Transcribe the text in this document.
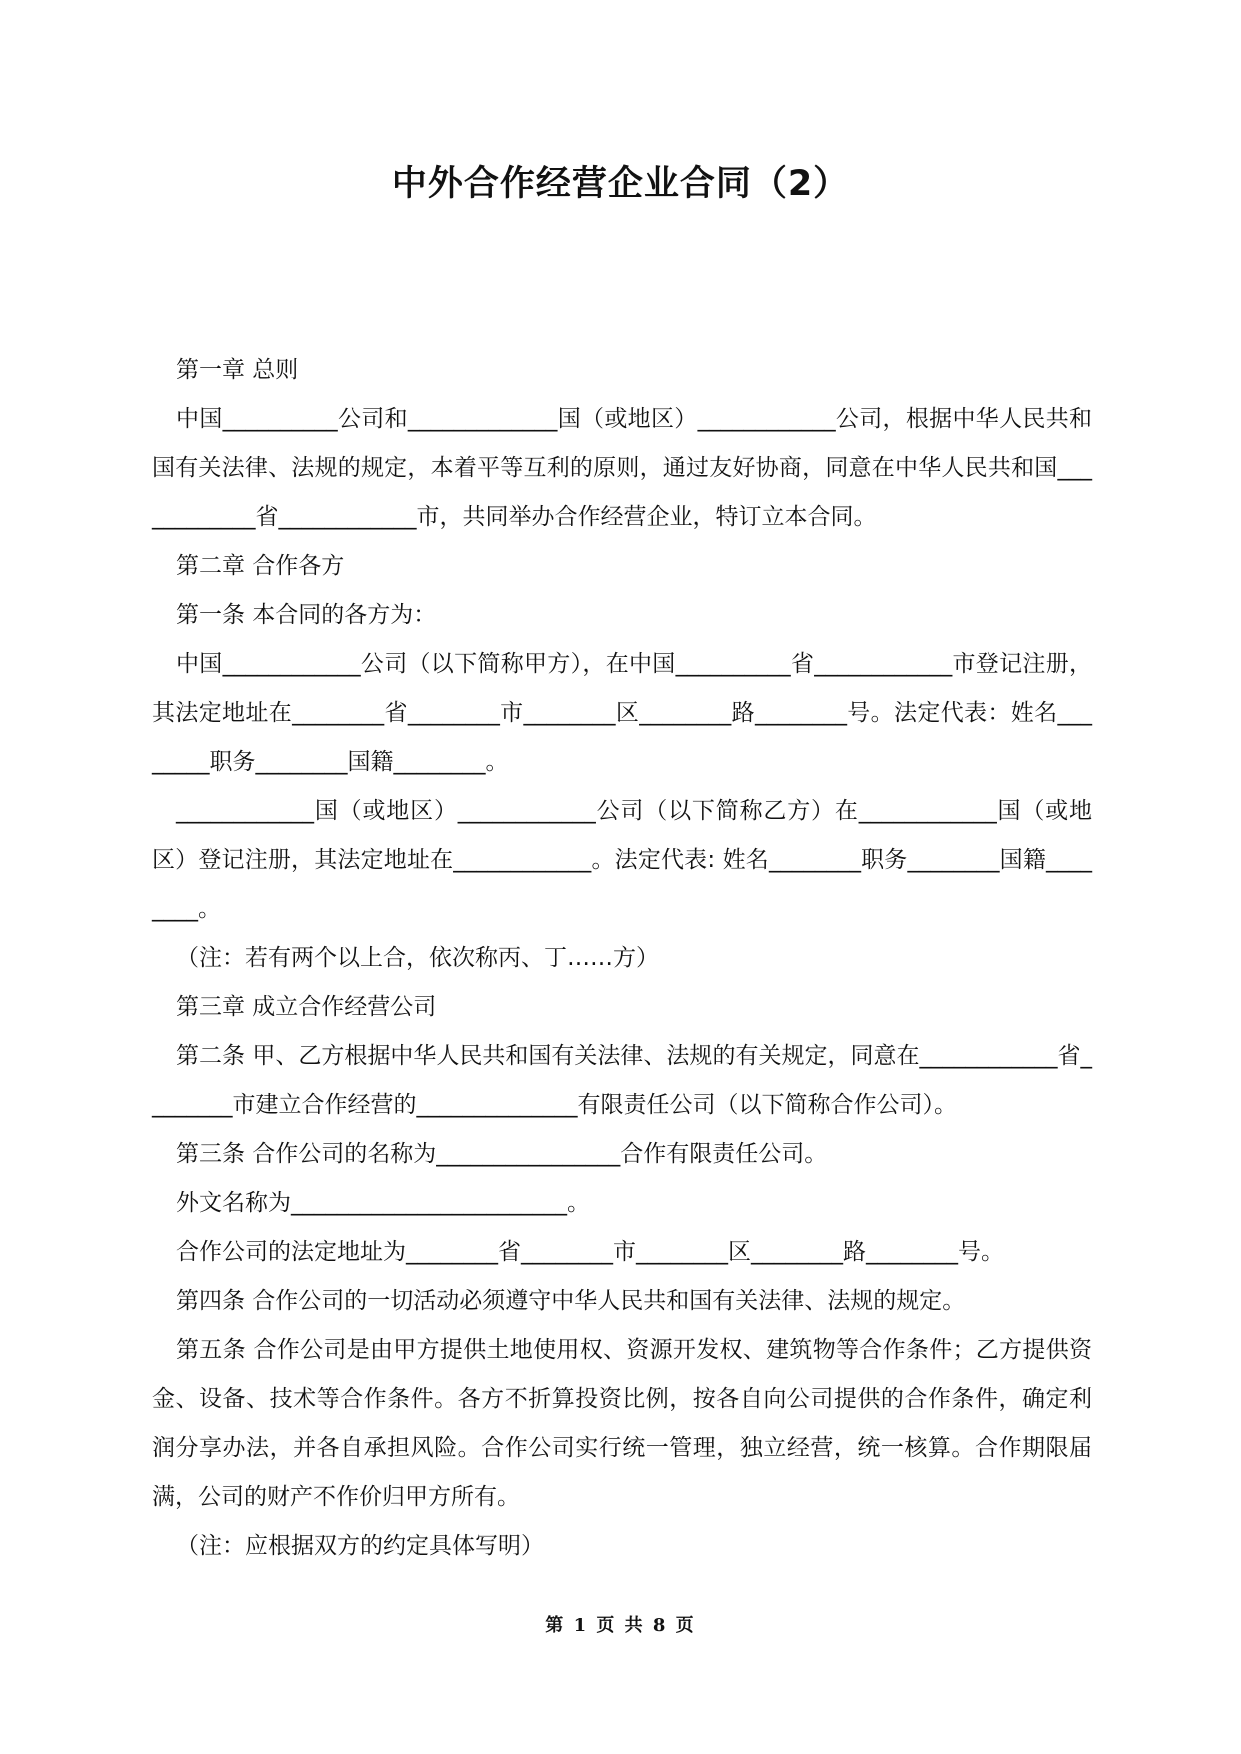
中外合作经营企业合同（2）

第一章 总则

中国__________公司和_____________国（或地区）____________公司，根据中华人民共和国有关法律、法规的规定，本着平等互利的原则，通过友好协商，同意在中华人民共和国____________省____________市，共同举办合作经营企业，特订立本合同。

第二章 合作各方

第一条 本合同的各方为：

中国____________公司（以下简称甲方），在中国__________省____________市登记注册，其法定地址在________省________市________区________路________号。法定代表：姓名________职务________国籍________。

____________国（或地区）____________公司（以下简称乙方）在____________国（或地区）登记注册，其法定地址在____________。法定代表: 姓名________职务________国籍________。

（注：若有两个以上合，依次称丙、丁……方）

第三章 成立合作经营公司

第二条 甲、乙方根据中华人民共和国有关法律、法规的有关规定，同意在____________省________市建立合作经营的______________有限责任公司（以下简称合作公司）。

第三条 合作公司的名称为________________合作有限责任公司。

外文名称为________________________。

合作公司的法定地址为________省________市________区________路________号。

第四条 合作公司的一切活动必须遵守中华人民共和国有关法律、法规的规定。

第五条 合作公司是由甲方提供土地使用权、资源开发权、建筑物等合作条件；乙方提供资金、设备、技术等合作条件。各方不折算投资比例，按各自向公司提供的合作条件，确定利润分享办法，并各自承担风险。合作公司实行统一管理，独立经营，统一核算。合作期限届满，公司的财产不作价归甲方所有。

（注：应根据双方的约定具体写明）

第 1 页 共 8 页
